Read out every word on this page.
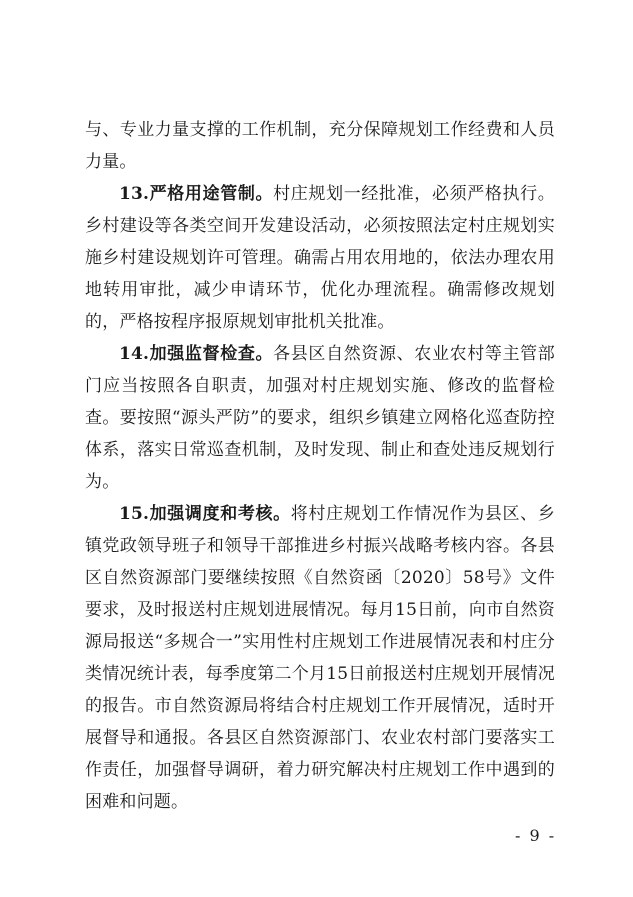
与、专业力量支撑的工作机制，充分保障规划工作经费和人员力量。

13.严格用途管制。村庄规划一经批准，必须严格执行。乡村建设等各类空间开发建设活动，必须按照法定村庄规划实施乡村建设规划许可管理。确需占用农用地的，依法办理农用地转用审批，减少申请环节，优化办理流程。确需修改规划的，严格按程序报原规划审批机关批准。

14.加强监督检查。各县区自然资源、农业农村等主管部门应当按照各自职责，加强对村庄规划实施、修改的监督检查。要按照“源头严防”的要求，组织乡镇建立网格化巡查防控体系，落实日常巡查机制，及时发现、制止和查处违反规划行为。

15.加强调度和考核。将村庄规划工作情况作为县区、乡镇党政领导班子和领导干部推进乡村振兴战略考核内容。各县区自然资源部门要继续按照《自然资函〔2020〕58号》文件要求，及时报送村庄规划进展情况。每月15日前，向市自然资源局报送“多规合一”实用性村庄规划工作进展情况表和村庄分类情况统计表，每季度第二个月15日前报送村庄规划开展情况的报告。市自然资源局将结合村庄规划工作开展情况，适时开展督导和通报。各县区自然资源部门、农业农村部门要落实工作责任，加强督导调研，着力研究解决村庄规划工作中遇到的困难和问题。

- 9 -
